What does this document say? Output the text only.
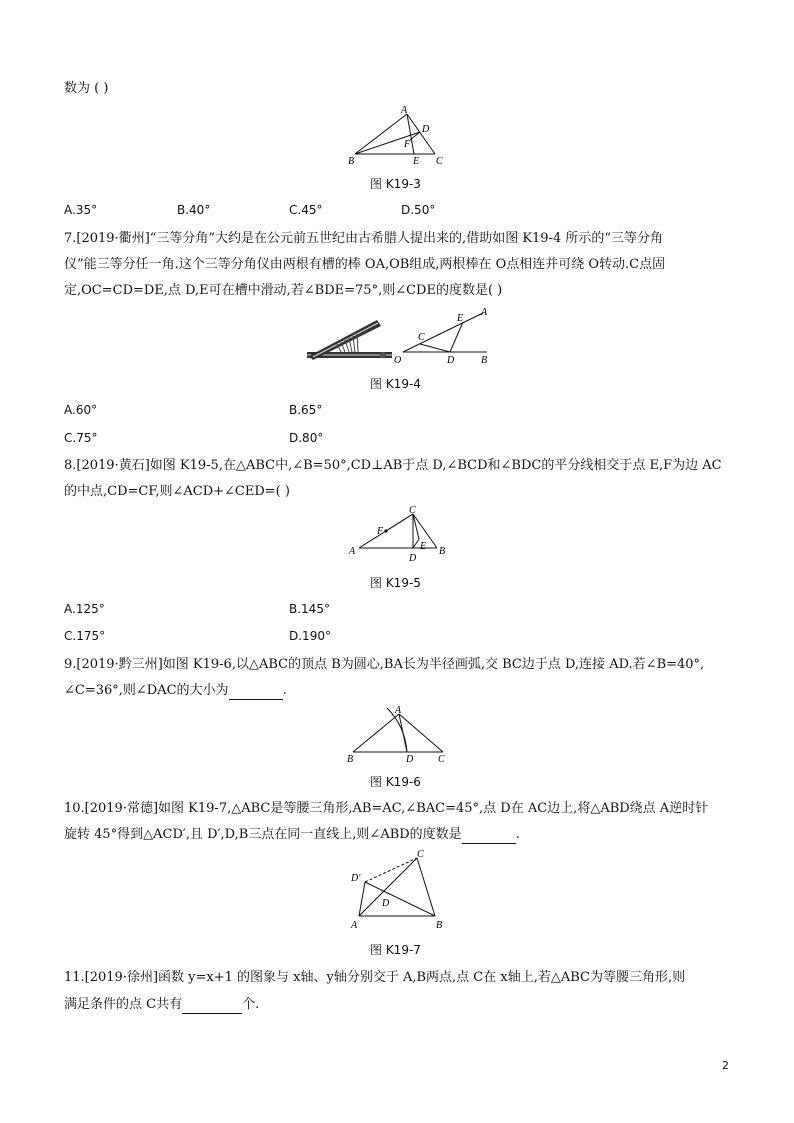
数为 ( )
A
B	C
D
E
F
图 K19-3
A.35°	B.40°	C.45°	D.50°
7.[2019·衢州]“三等分角”大约是在公元前五世纪由古希腊人提出来的,借助如图 K19-4 所示的“三等分角
仪”能三等分任一角.这个三等分角仪由两根有槽的棒 OA,OB组成,两根棒在 O点相连并可绕 O转动.C点固
定,OC=CD=DE,点 D,E可在槽中滑动,若∠BDE=75°,则∠CDE的度数是( )
O
C
D
E
A
B
图 K19-4
A.60°	B.65°
C.75°	D.80°
8.[2019·黄石]如图 K19-5,在△ABC中,∠B=50°,CD⊥AB于点 D,∠BCD和∠BDC的平分线相交于点 E,F为边 AC
的中点,CD=CF,则∠ACD+∠CED=( )
A	B
C
D
E
F
图 K19-5
A.125°	B.145°
C.175°	D.190°
9.[2019·黔三州]如图 K19-6,以△ABC的顶点 B为圆心,BA长为半径画弧,交 BC边于点 D,连接 AD.若∠B=40°,
∠C=36°,则∠DAC的大小为	.
A
B	C
D
图 K19-6
10.[2019·常德]如图 K19-7,△ABC是等腰三角形,AB=AC,∠BAC=45°,点 D在 AC边上,将△ABD绕点 A逆时针
旋转 45°得到△ACD′,且 D′,D,B三点在同一直线上,则∠ABD的度数是	.
A	B
C
D
D′
图 K19-7
11.[2019·徐州]函数 y=x+1 的图象与 x轴、y轴分别交于 A,B两点,点 C在 x轴上,若△ABC为等腰三角形,则
满足条件的点 C共有	个.
2
